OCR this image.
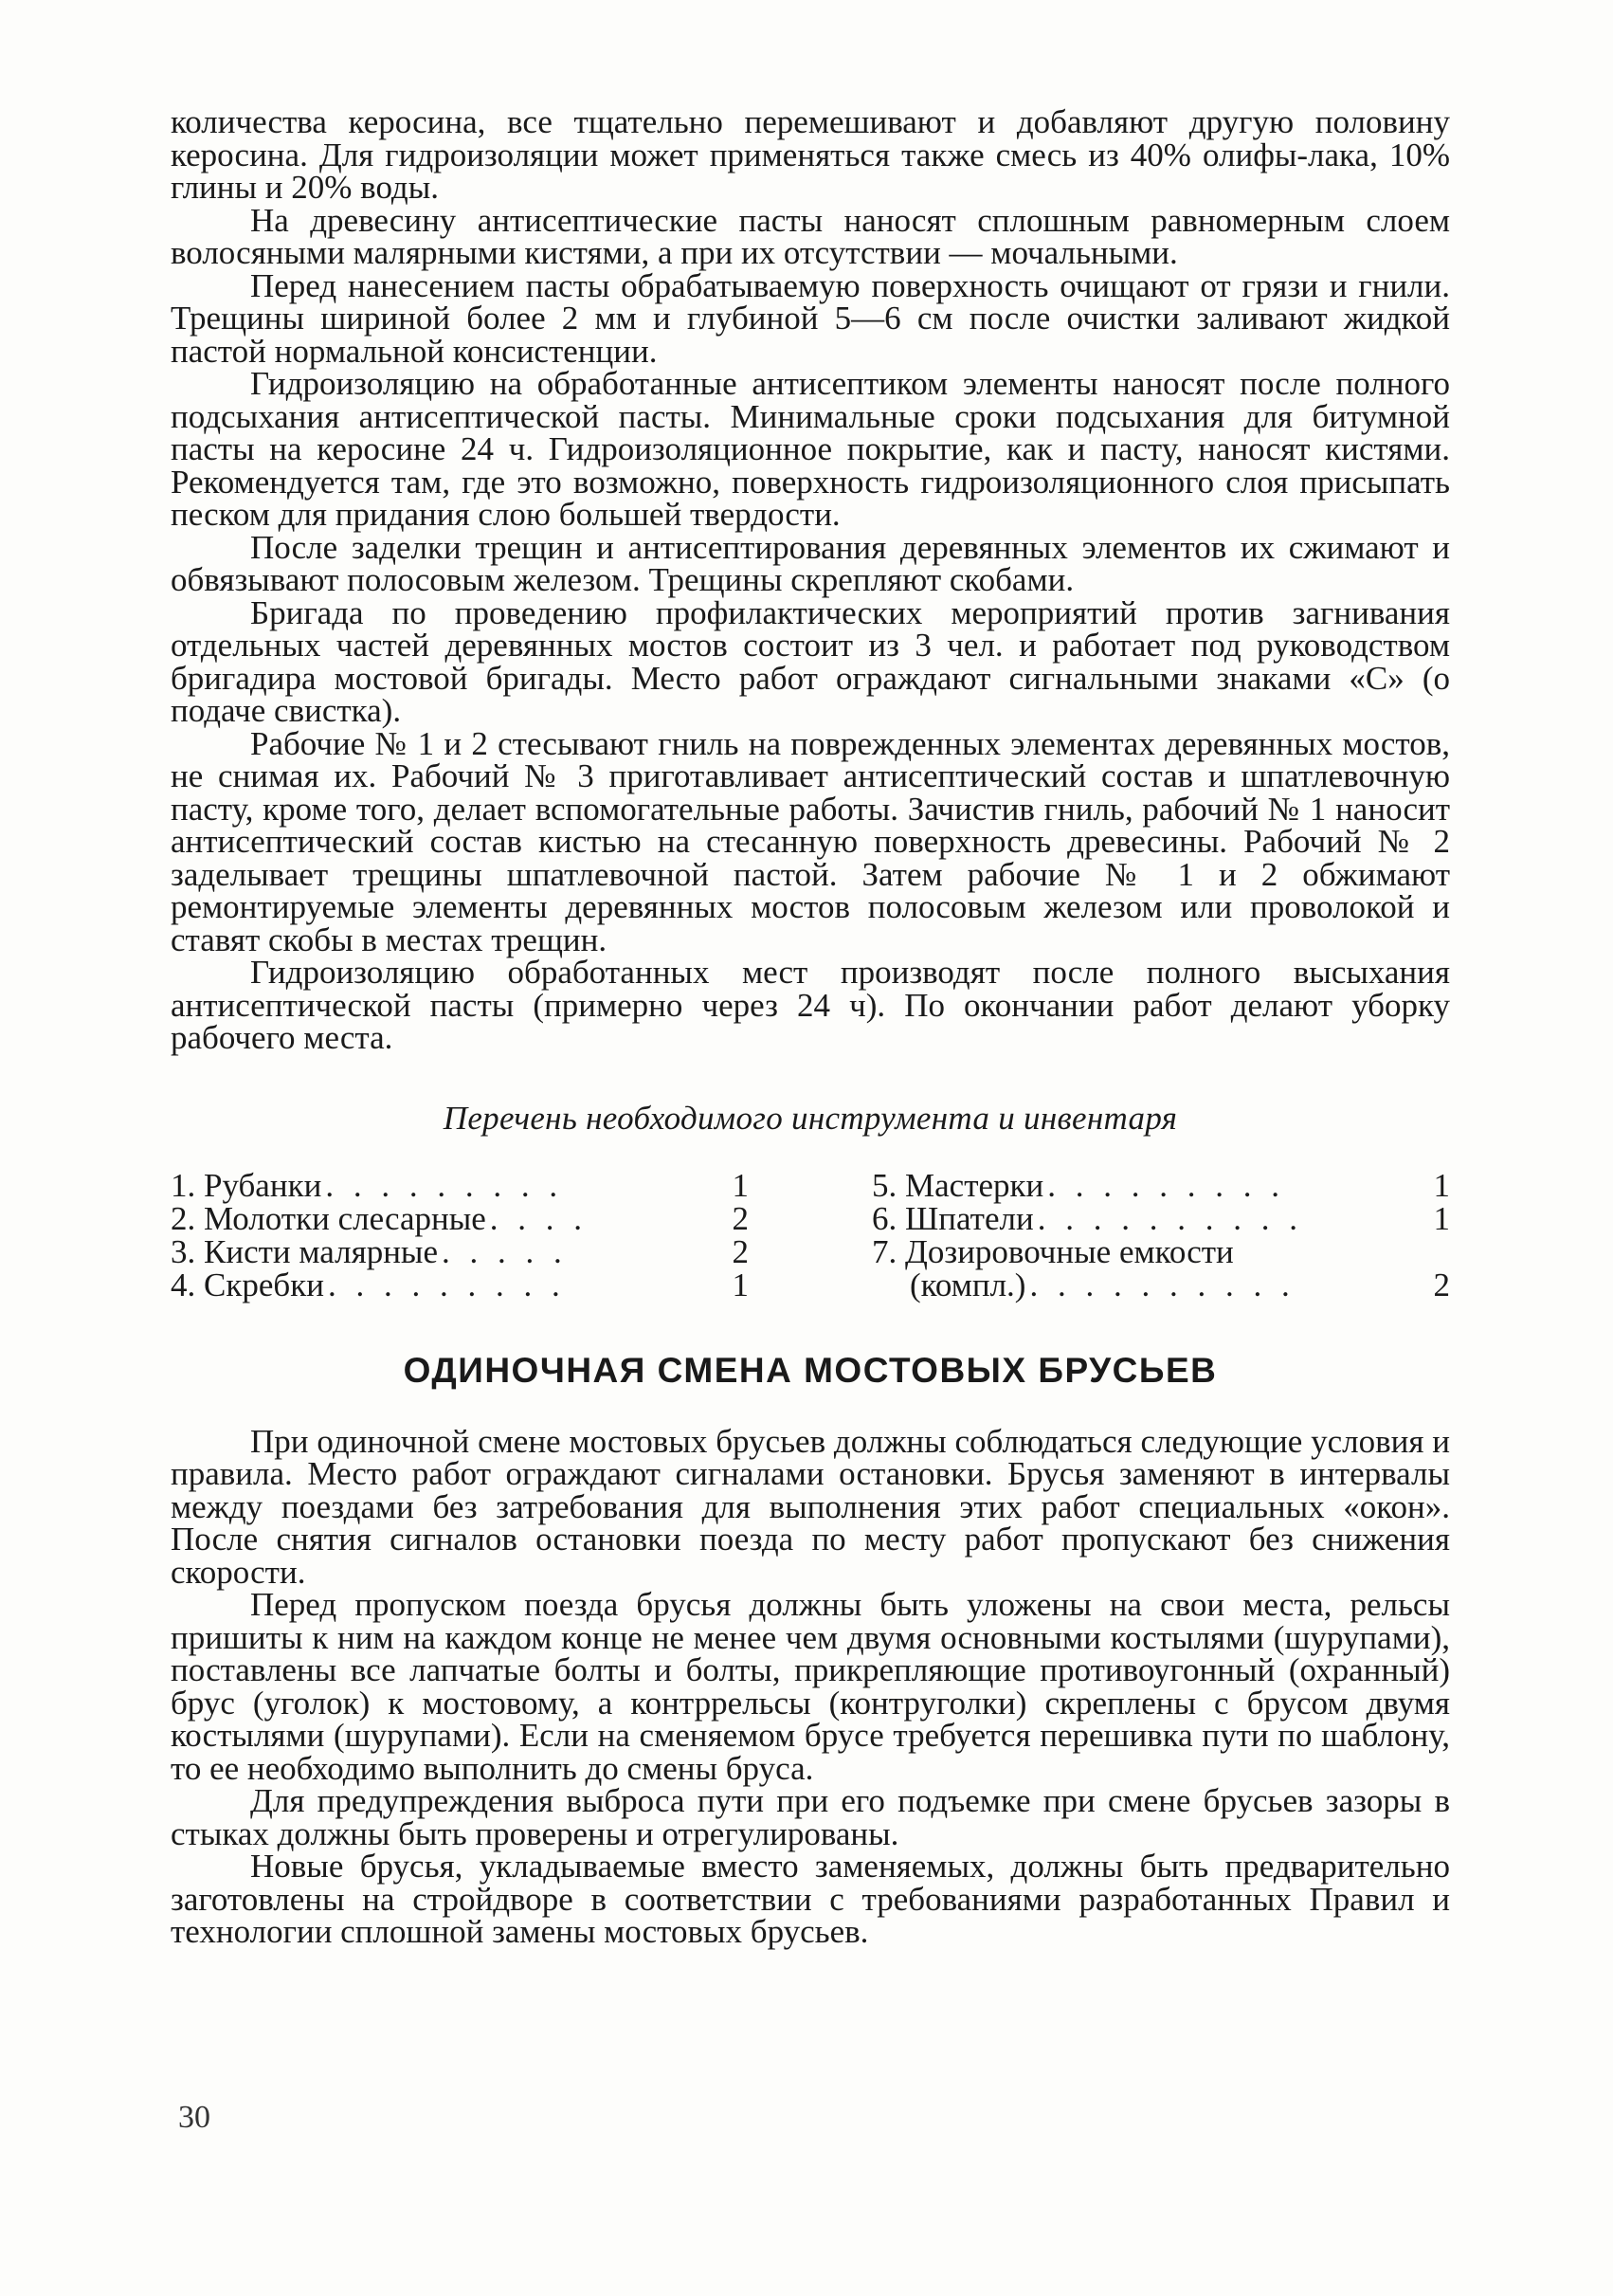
количества керосина, все тщательно перемешивают и добавляют другую половину керосина. Для гидроизоляции может применяться также смесь из 40% олифы-лака, 10% глины и 20% воды.

На древесину антисептические пасты наносят сплошным равномерным слоем волосяными малярными кистями, а при их отсутствии — мочальными.

Перед нанесением пасты обрабатываемую поверхность очищают от грязи и гнили. Трещины шириной более 2 мм и глубиной 5—6 см после очистки заливают жидкой пастой нормальной консистенции.

Гидроизоляцию на обработанные антисептиком элементы наносят после полного подсыхания антисептической пасты. Минимальные сроки подсыхания для битумной пасты на керосине 24 ч. Гидроизоляционное покрытие, как и пасту, наносят кистями. Рекомендуется там, где это возможно, поверхность гидроизоляционного слоя присыпать песком для придания слою большей твердости.

После заделки трещин и антисептирования деревянных элементов их сжимают и обвязывают полосовым железом. Трещины скрепляют скобами.

Бригада по проведению профилактических мероприятий против загнивания отдельных частей деревянных мостов состоит из 3 чел. и работает под руководством бригадира мостовой бригады. Место работ ограждают сигнальными знаками «С» (о подаче свистка).

Рабочие № 1 и 2 стесывают гниль на поврежденных элементах деревянных мостов, не снимая их. Рабочий № 3 приготавливает антисептический состав и шпатлевочную пасту, кроме того, делает вспомогательные работы. Зачистив гниль, рабочий № 1 наносит антисептический состав кистью на стесанную поверхность древесины. Рабочий № 2 заделывает трещины шпатлевочной пастой. Затем рабочие № 1 и 2 обжимают ремонтируемые элементы деревянных мостов полосовым железом или проволокой и ставят скобы в местах трещин.

Гидроизоляцию обработанных мест производят после полного высыхания антисептической пасты (примерно через 24 ч). По окончании работ делают уборку рабочего места.

Перечень необходимого инструмента и инвентаря
1. Рубанки . . . . . . . . .	1
2. Молотки слесарные . . . .	2
3. Кисти малярные . . . . .	2
4. Скребки . . . . . . . . .	1
5. Мастерки . . . . . . . . .	1
6. Шпатели . . . . . . . . . .	1
7. Дозировочные емкости
(компл.) . . . . . . . . . .	2
ОДИНОЧНАЯ СМЕНА МОСТОВЫХ БРУСЬЕВ

При одиночной смене мостовых брусьев должны соблюдаться следующие условия и правила. Место работ ограждают сигналами остановки. Брусья заменяют в интервалы между поездами без затребования для выполнения этих работ специальных «окон». После снятия сигналов остановки поезда по месту работ пропускают без снижения скорости.

Перед пропуском поезда брусья должны быть уложены на свои места, рельсы пришиты к ним на каждом конце не менее чем двумя основными костылями (шурупами), поставлены все лапчатые болты и болты, прикрепляющие противоугонный (охранный) брус (уголок) к мостовому, а контррельсы (контруголки) скреплены с брусом двумя костылями (шурупами). Если на сменяемом брусе требуется перешивка пути по шаблону, то ее необходимо выполнить до смены бруса.

Для предупреждения выброса пути при его подъемке при смене брусьев зазоры в стыках должны быть проверены и отрегулированы.

Новые брусья, укладываемые вместо заменяемых, должны быть предварительно заготовлены на стройдворе в соответствии с требованиями разработанных Правил и технологии сплошной замены мостовых брусьев.

30
